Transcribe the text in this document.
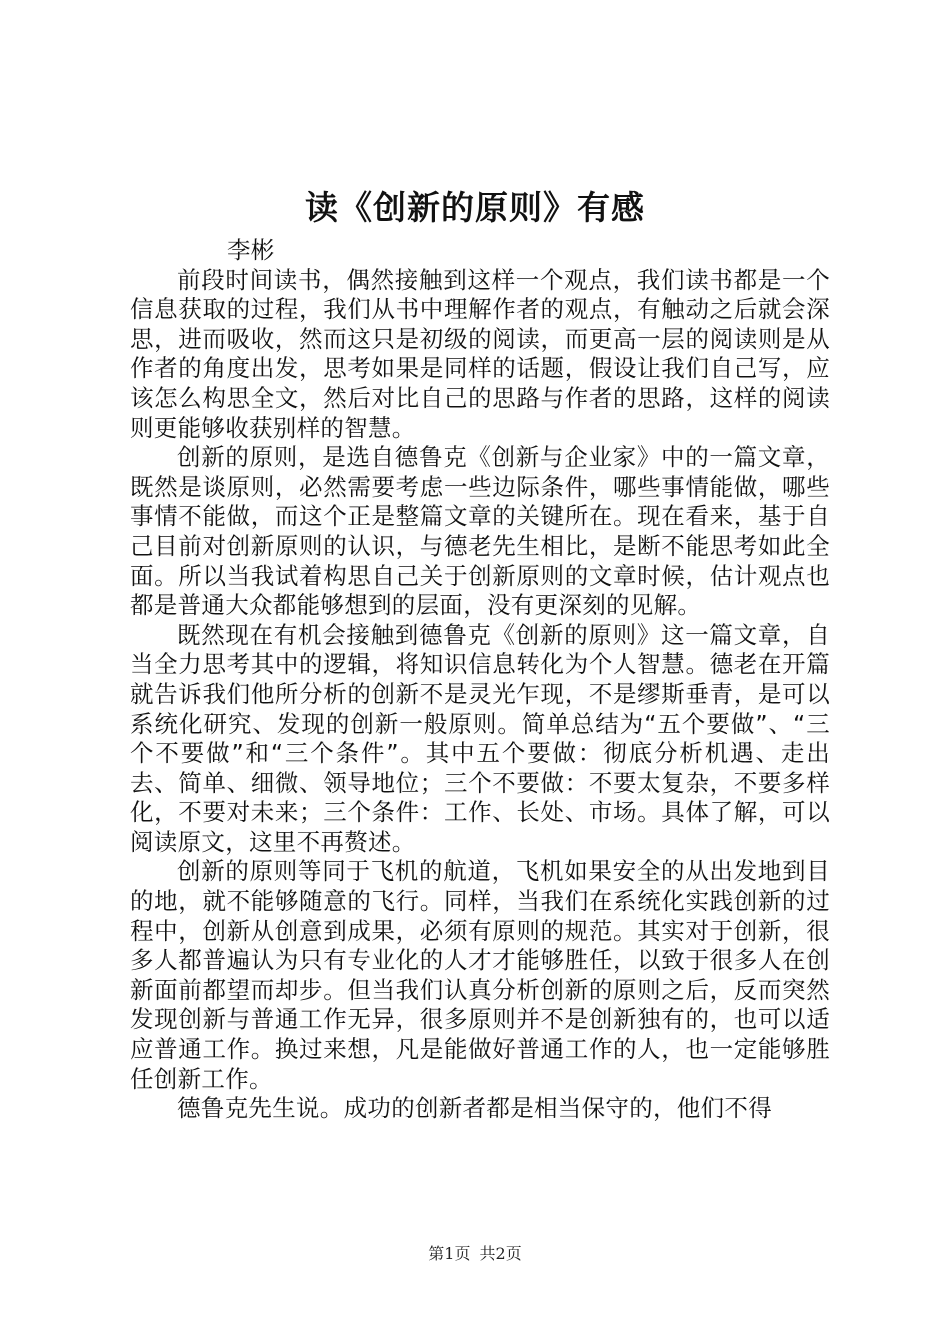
读《创新的原则》有感

李彬

前段时间读书，偶然接触到这样一个观点，我们读书都是一个信息获取的过程，我们从书中理解作者的观点，有触动之后就会深思，进而吸收，然而这只是初级的阅读，而更高一层的阅读则是从作者的角度出发，思考如果是同样的话题，假设让我们自己写，应该怎么构思全文，然后对比自己的思路与作者的思路，这样的阅读则更能够收获别样的智慧。

创新的原则，是选自德鲁克《创新与企业家》中的一篇文章，既然是谈原则，必然需要考虑一些边际条件，哪些事情能做，哪些事情不能做，而这个正是整篇文章的关键所在。现在看来，基于自己目前对创新原则的认识，与德老先生相比，是断不能思考如此全面。所以当我试着构思自己关于创新原则的文章时候，估计观点也都是普通大众都能够想到的层面，没有更深刻的见解。

既然现在有机会接触到德鲁克《创新的原则》这一篇文章，自当全力思考其中的逻辑，将知识信息转化为个人智慧。德老在开篇就告诉我们他所分析的创新不是灵光乍现，不是缪斯垂青，是可以系统化研究、发现的创新一般原则。简单总结为“五个要做”、“三个不要做”和“三个条件”。其中五个要做：彻底分析机遇、走出去、简单、细微、领导地位；三个不要做：不要太复杂，不要多样化，不要对未来；三个条件：工作、长处、市场。具体了解，可以阅读原文，这里不再赘述。

创新的原则等同于飞机的航道，飞机如果安全的从出发地到目的地，就不能够随意的飞行。同样，当我们在系统化实践创新的过程中，创新从创意到成果，必须有原则的规范。其实对于创新，很多人都普遍认为只有专业化的人才才能够胜任，以致于很多人在创新面前都望而却步。但当我们认真分析创新的原则之后，反而突然发现创新与普通工作无异，很多原则并不是创新独有的，也可以适应普通工作。换过来想，凡是能做好普通工作的人，也一定能够胜任创新工作。

德鲁克先生说。成功的创新者都是相当保守的，他们不得

第1页 共2页
